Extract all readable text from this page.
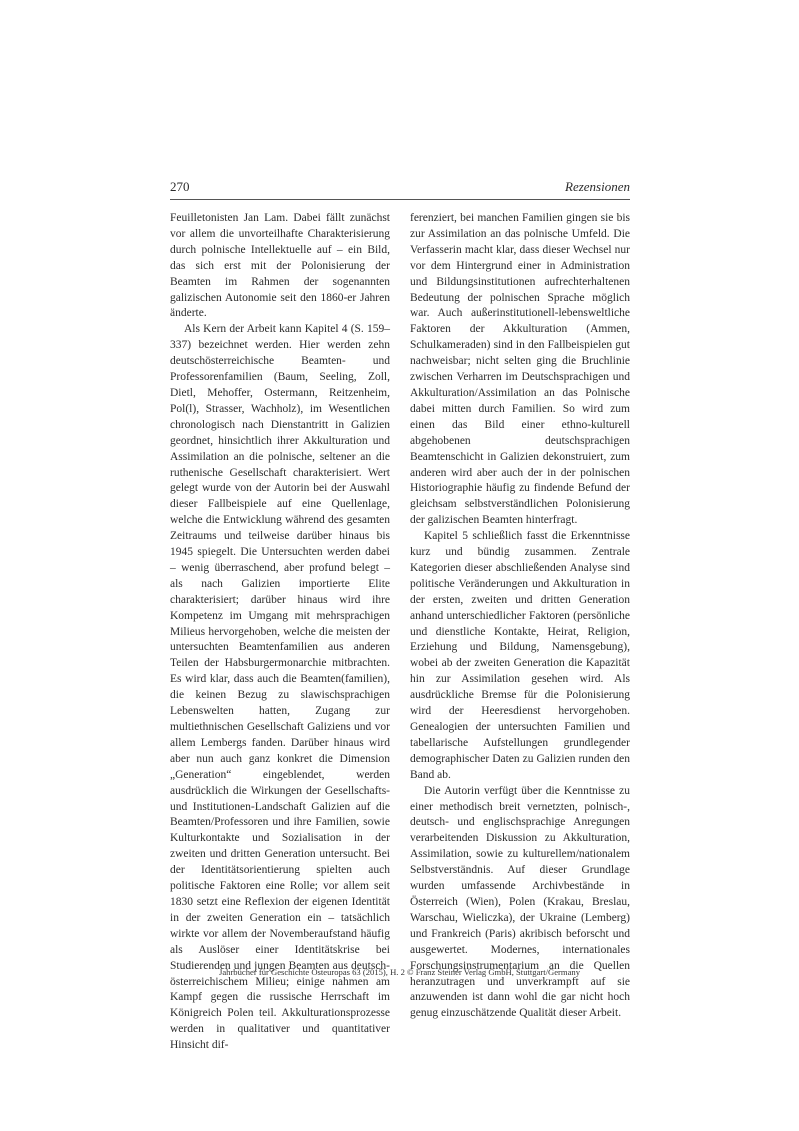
270	Rezensionen

Feuilletonisten Jan Lam. Dabei fällt zunächst vor allem die unvorteilhafte Charakterisierung durch polnische Intellektuelle auf – ein Bild, das sich erst mit der Polonisierung der Beamten im Rahmen der sogenannten galizischen Autonomie seit den 1860-er Jahren änderte.

Als Kern der Arbeit kann Kapitel 4 (S. 159–337) bezeichnet werden. Hier werden zehn deutschösterreichische Beamten- und Professorenfamilien (Baum, Seeling, Zoll, Dietl, Mehoffer, Ostermann, Reitzenheim, Pol(l), Strasser, Wachholz), im Wesentlichen chronologisch nach Dienstantritt in Galizien geordnet, hinsichtlich ihrer Akkulturation und Assimilation an die polnische, seltener an die ruthenische Gesellschaft charakterisiert. Wert gelegt wurde von der Autorin bei der Auswahl dieser Fallbeispiele auf eine Quellenlage, welche die Entwicklung während des gesamten Zeitraums und teilweise darüber hinaus bis 1945 spiegelt. Die Untersuchten werden dabei – wenig überraschend, aber profund belegt – als nach Galizien importierte Elite charakterisiert; darüber hinaus wird ihre Kompetenz im Umgang mit mehrsprachigen Milieus hervorgehoben, welche die meisten der untersuchten Beamtenfamilien aus anderen Teilen der Habsburgermonarchie mitbrachten. Es wird klar, dass auch die Beamten(familien), die keinen Bezug zu slawischsprachigen Lebenswelten hatten, Zugang zur multiethnischen Gesellschaft Galiziens und vor allem Lembergs fanden. Darüber hinaus wird aber nun auch ganz konkret die Dimension „Generation“ eingeblendet, werden ausdrücklich die Wirkungen der Gesellschafts- und Institutionen-Landschaft Galizien auf die Beamten/Professoren und ihre Familien, sowie Kulturkontakte und Sozialisation in der zweiten und dritten Generation untersucht. Bei der Identitätsorientierung spielten auch politische Faktoren eine Rolle; vor allem seit 1830 setzt eine Reflexion der eigenen Identität in der zweiten Generation ein – tatsächlich wirkte vor allem der Novemberaufstand häufig als Auslöser einer Identitätskrise bei Studierenden und jungen Beamten aus deutsch-österreichischem Milieu; einige nahmen am Kampf gegen die russische Herrschaft im Königreich Polen teil. Akkulturationsprozesse werden in qualitativer und quantitativer Hinsicht dif-

ferenziert, bei manchen Familien gingen sie bis zur Assimilation an das polnische Umfeld. Die Verfasserin macht klar, dass dieser Wechsel nur vor dem Hintergrund einer in Administration und Bildungsinstitutionen aufrechterhaltenen Bedeutung der polnischen Sprache möglich war. Auch außerinstitutionell-lebensweltliche Faktoren der Akkulturation (Ammen, Schulkameraden) sind in den Fallbeispielen gut nachweisbar; nicht selten ging die Bruchlinie zwischen Verharren im Deutschsprachigen und Akkulturation/Assimilation an das Polnische dabei mitten durch Familien. So wird zum einen das Bild einer ethno-kulturell abgehobenen deutschsprachigen Beamtenschicht in Galizien dekonstruiert, zum anderen wird aber auch der in der polnischen Historiographie häufig zu findende Befund der gleichsam selbstverständlichen Polonisierung der galizischen Beamten hinterfragt.

Kapitel 5 schließlich fasst die Erkenntnisse kurz und bündig zusammen. Zentrale Kategorien dieser abschließenden Analyse sind politische Veränderungen und Akkulturation in der ersten, zweiten und dritten Generation anhand unterschiedlicher Faktoren (persönliche und dienstliche Kontakte, Heirat, Religion, Erziehung und Bildung, Namensgebung), wobei ab der zweiten Generation die Kapazität hin zur Assimilation gesehen wird. Als ausdrückliche Bremse für die Polonisierung wird der Heeresdienst hervorgehoben. Genealogien der untersuchten Familien und tabellarische Aufstellungen grundlegender demographischer Daten zu Galizien runden den Band ab.

Die Autorin verfügt über die Kenntnisse zu einer methodisch breit vernetzten, polnisch-, deutsch- und englischsprachige Anregungen verarbeitenden Diskussion zu Akkulturation, Assimilation, sowie zu kulturellem/nationalem Selbstverständnis. Auf dieser Grundlage wurden umfassende Archivbestände in Österreich (Wien), Polen (Krakau, Breslau, Warschau, Wieliczka), der Ukraine (Lemberg) und Frankreich (Paris) akribisch beforscht und ausgewertet. Modernes, internationales Forschungsinstrumentarium an die Quellen heranzutragen und unverkrampft auf sie anzuwenden ist dann wohl die gar nicht hoch genug einzuschätzende Qualität dieser Arbeit.

Jahrbücher für Geschichte Osteuropas 63 (2015), H. 2 © Franz Steiner Verlag GmbH, Stuttgart/Germany
